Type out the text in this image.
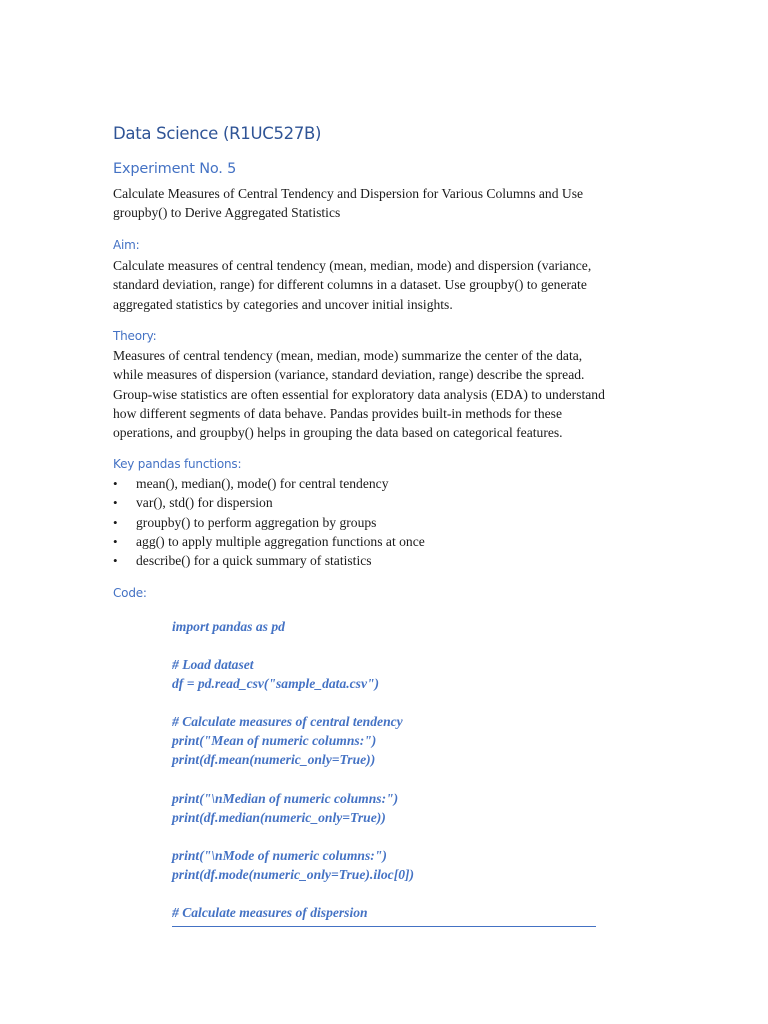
Data Science (R1UC527B)
Experiment No. 5
Calculate Measures of Central Tendency and Dispersion for Various Columns and Use
groupby() to Derive Aggregated Statistics
Aim:
Calculate measures of central tendency (mean, median, mode) and dispersion (variance,
standard deviation, range) for different columns in a dataset. Use groupby() to generate
aggregated statistics by categories and uncover initial insights.
Theory:
Measures of central tendency (mean, median, mode) summarize the center of the data,
while measures of dispersion (variance, standard deviation, range) describe the spread.
Group-wise statistics are often essential for exploratory data analysis (EDA) to understand
how different segments of data behave. Pandas provides built-in methods for these
operations, and groupby() helps in grouping the data based on categorical features.
Key pandas functions:
• mean(), median(), mode() for central tendency
• var(), std() for dispersion
• groupby() to perform aggregation by groups
• agg() to apply multiple aggregation functions at once
• describe() for a quick summary of statistics
Code:
import pandas as pd
# Load dataset
df = pd.read_csv("sample_data.csv")
# Calculate measures of central tendency
print("Mean of numeric columns:")
print(df.mean(numeric_only=True))
print("\nMedian of numeric columns:")
print(df.median(numeric_only=True))
print("\nMode of numeric columns:")
print(df.mode(numeric_only=True).iloc[0])
# Calculate measures of dispersion
